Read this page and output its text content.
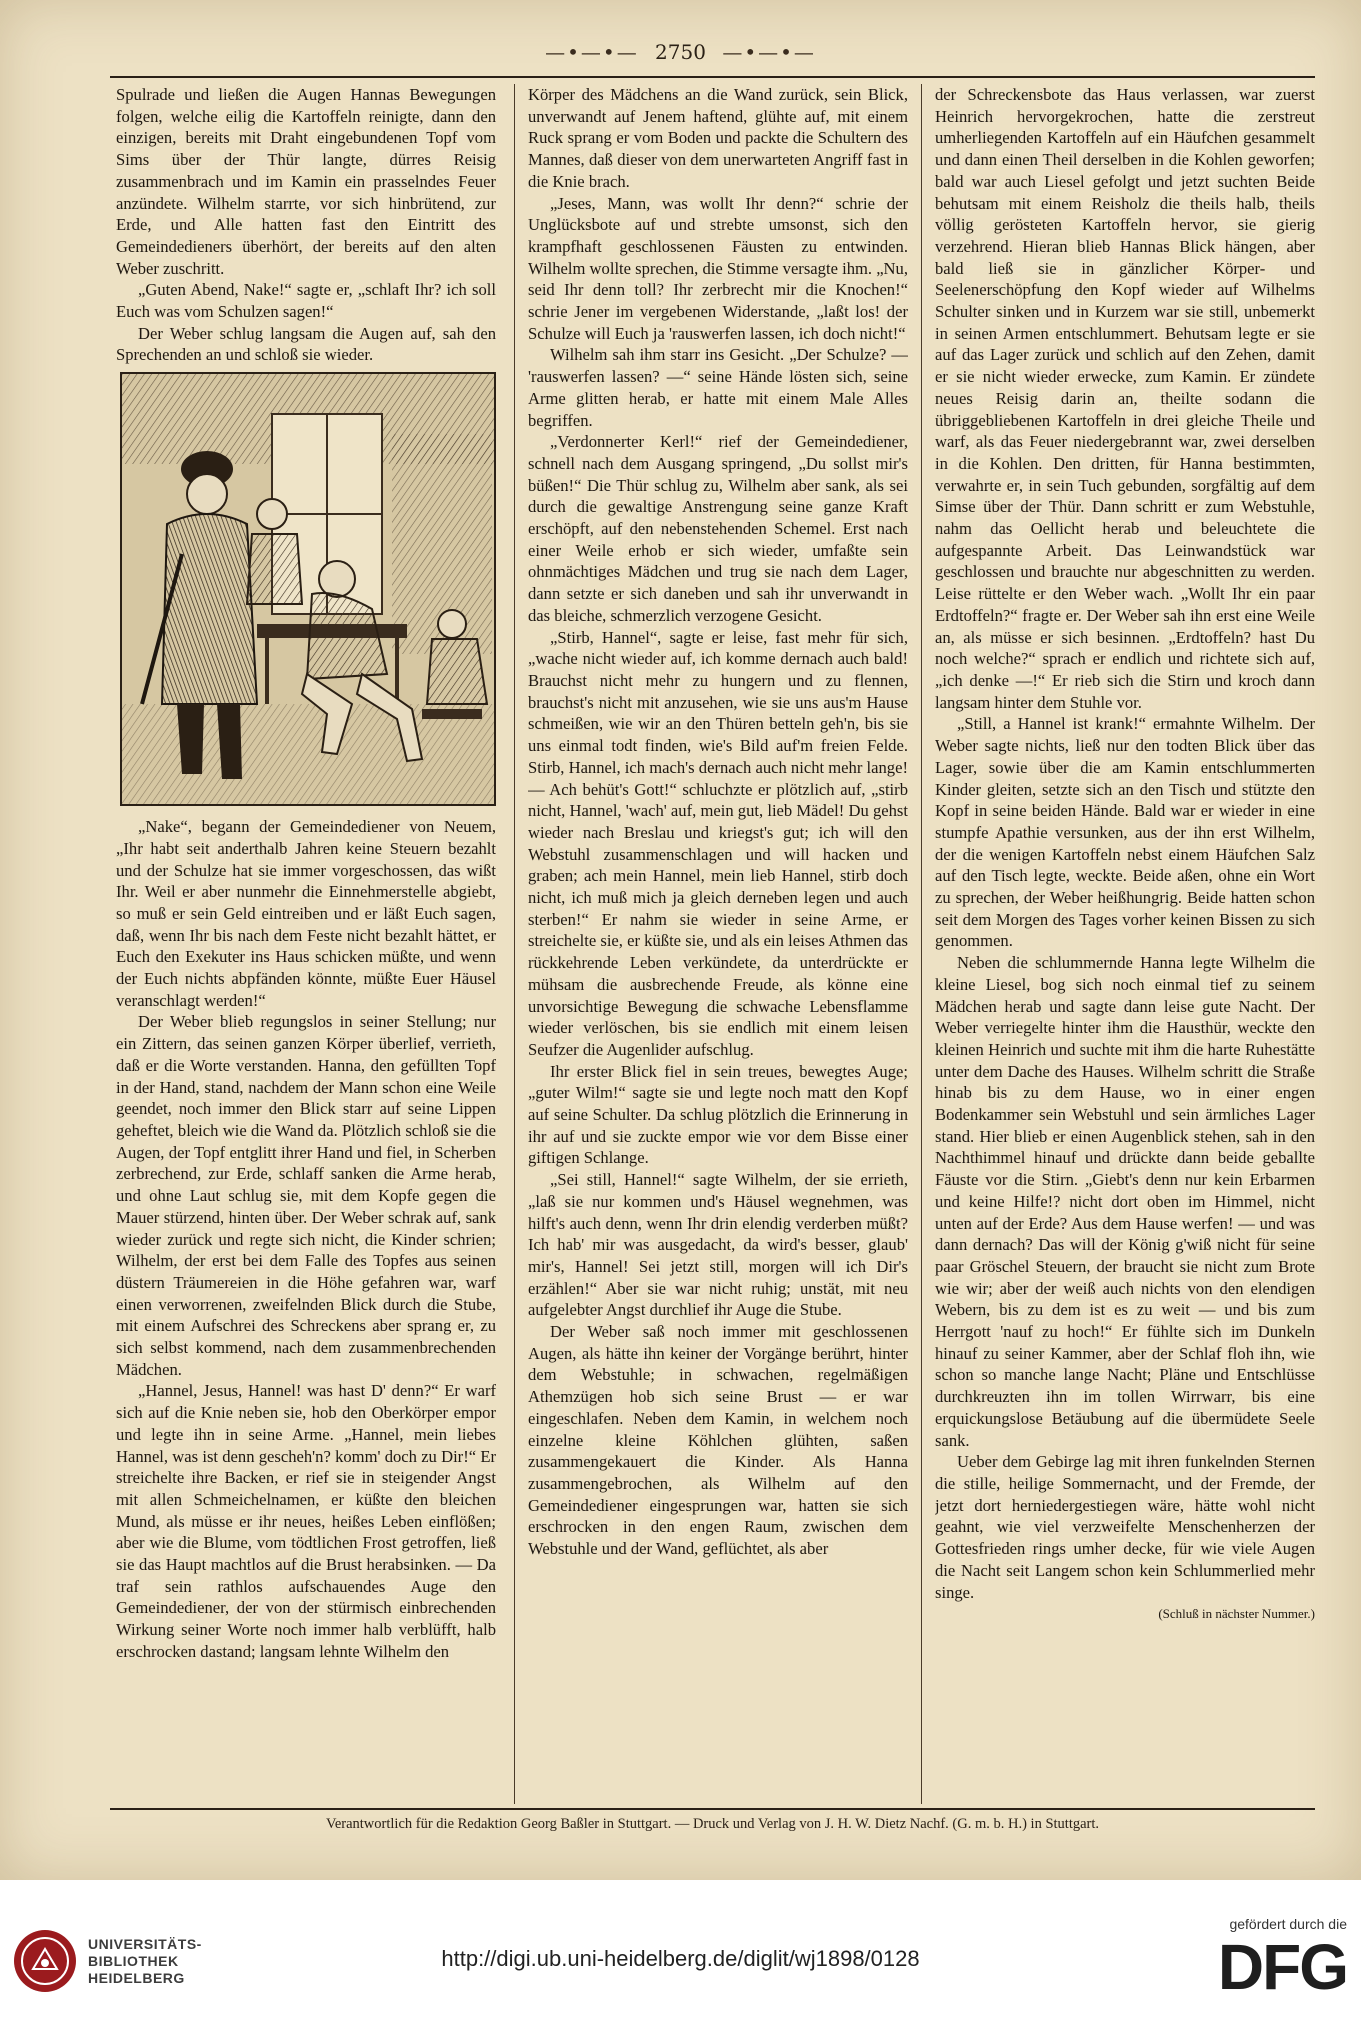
—•—•— 2750 —•—•—

Spulrade und ließen die Augen Hannas Bewegungen folgen, welche eilig die Kartoffeln reinigte, dann den einzigen, bereits mit Draht eingebundenen Topf vom Sims über der Thür langte, dürres Reisig zusammenbrach und im Kamin ein prasselndes Feuer anzündete. Wilhelm starrte, vor sich hinbrütend, zur Erde, und Alle hatten fast den Eintritt des Gemeindedieners überhört, der bereits auf den alten Weber zuschritt.

„Guten Abend, Nake!“ sagte er, „schlaft Ihr? ich soll Euch was vom Schulzen sagen!“

Der Weber schlug langsam die Augen auf, sah den Sprechenden an und schloß sie wieder.

„Nake“, begann der Gemeindediener von Neuem, „Ihr habt seit anderthalb Jahren keine Steuern bezahlt und der Schulze hat sie immer vorgeschossen, das wißt Ihr. Weil er aber nunmehr die Einnehmerstelle abgiebt, so muß er sein Geld eintreiben und er läßt Euch sagen, daß, wenn Ihr bis nach dem Feste nicht bezahlt hättet, er Euch den Exekuter ins Haus schicken müßte, und wenn der Euch nichts abpfänden könnte, müßte Euer Häusel veranschlagt werden!“

Der Weber blieb regungslos in seiner Stellung; nur ein Zittern, das seinen ganzen Körper überlief, verrieth, daß er die Worte verstanden. Hanna, den gefüllten Topf in der Hand, stand, nachdem der Mann schon eine Weile geendet, noch immer den Blick starr auf seine Lippen geheftet, bleich wie die Wand da. Plötzlich schloß sie die Augen, der Topf entglitt ihrer Hand und fiel, in Scherben zerbrechend, zur Erde, schlaff sanken die Arme herab, und ohne Laut schlug sie, mit dem Kopfe gegen die Mauer stürzend, hinten über. Der Weber schrak auf, sank wieder zurück und regte sich nicht, die Kinder schrien; Wilhelm, der erst bei dem Falle des Topfes aus seinen düstern Träumereien in die Höhe gefahren war, warf einen verworrenen, zweifelnden Blick durch die Stube, mit einem Aufschrei des Schreckens aber sprang er, zu sich selbst kommend, nach dem zusammenbrechenden Mädchen.

„Hannel, Jesus, Hannel! was hast D' denn?“ Er warf sich auf die Knie neben sie, hob den Oberkörper empor und legte ihn in seine Arme. „Hannel, mein liebes Hannel, was ist denn gescheh'n? komm' doch zu Dir!“ Er streichelte ihre Backen, er rief sie in steigender Angst mit allen Schmeichelnamen, er küßte den bleichen Mund, als müsse er ihr neues, heißes Leben einflößen; aber wie die Blume, vom tödtlichen Frost getroffen, ließ sie das Haupt machtlos auf die Brust herabsinken. — Da traf sein rathlos aufschauendes Auge den Gemeindediener, der von der stürmisch einbrechenden Wirkung seiner Worte noch immer halb verblüfft, halb erschrocken dastand; langsam lehnte Wilhelm den

Körper des Mädchens an die Wand zurück, sein Blick, unverwandt auf Jenem haftend, glühte auf, mit einem Ruck sprang er vom Boden und packte die Schultern des Mannes, daß dieser von dem unerwarteten Angriff fast in die Knie brach.

„Jeses, Mann, was wollt Ihr denn?“ schrie der Unglücksbote auf und strebte umsonst, sich den krampfhaft geschlossenen Fäusten zu entwinden. Wilhelm wollte sprechen, die Stimme versagte ihm. „Nu, seid Ihr denn toll? Ihr zerbrecht mir die Knochen!“ schrie Jener im vergebenen Widerstande, „laßt los! der Schulze will Euch ja 'rauswerfen lassen, ich doch nicht!“

Wilhelm sah ihm starr ins Gesicht. „Der Schulze? — 'rauswerfen lassen? —“ seine Hände lösten sich, seine Arme glitten herab, er hatte mit einem Male Alles begriffen.

„Verdonnerter Kerl!“ rief der Gemeindediener, schnell nach dem Ausgang springend, „Du sollst mir's büßen!“ Die Thür schlug zu, Wilhelm aber sank, als sei durch die gewaltige Anstrengung seine ganze Kraft erschöpft, auf den nebenstehenden Schemel. Erst nach einer Weile erhob er sich wieder, umfaßte sein ohnmächtiges Mädchen und trug sie nach dem Lager, dann setzte er sich daneben und sah ihr unverwandt in das bleiche, schmerzlich verzogene Gesicht.

„Stirb, Hannel“, sagte er leise, fast mehr für sich, „wache nicht wieder auf, ich komme dernach auch bald! Brauchst nicht mehr zu hungern und zu flennen, brauchst's nicht mit anzusehen, wie sie uns aus'm Hause schmeißen, wie wir an den Thüren betteln geh'n, bis sie uns einmal todt finden, wie's Bild auf'm freien Felde. Stirb, Hannel, ich mach's dernach auch nicht mehr lange! — Ach behüt's Gott!“ schluchzte er plötzlich auf, „stirb nicht, Hannel, 'wach' auf, mein gut, lieb Mädel! Du gehst wieder nach Breslau und kriegst's gut; ich will den Webstuhl zusammenschlagen und will hacken und graben; ach mein Hannel, mein lieb Hannel, stirb doch nicht, ich muß mich ja gleich derneben legen und auch sterben!“ Er nahm sie wieder in seine Arme, er streichelte sie, er küßte sie, und als ein leises Athmen das rückkehrende Leben verkündete, da unterdrückte er mühsam die ausbrechende Freude, als könne eine unvorsichtige Bewegung die schwache Lebensflamme wieder verlöschen, bis sie endlich mit einem leisen Seufzer die Augenlider aufschlug.

Ihr erster Blick fiel in sein treues, bewegtes Auge; „guter Wilm!“ sagte sie und legte noch matt den Kopf auf seine Schulter. Da schlug plötzlich die Erinnerung in ihr auf und sie zuckte empor wie vor dem Bisse einer giftigen Schlange.

„Sei still, Hannel!“ sagte Wilhelm, der sie errieth, „laß sie nur kommen und's Häusel wegnehmen, was hilft's auch denn, wenn Ihr drin elendig verderben müßt? Ich hab' mir was ausgedacht, da wird's besser, glaub' mir's, Hannel! Sei jetzt still, morgen will ich Dir's erzählen!“ Aber sie war nicht ruhig; unstät, mit neu aufgelebter Angst durchlief ihr Auge die Stube.

Der Weber saß noch immer mit geschlossenen Augen, als hätte ihn keiner der Vorgänge berührt, hinter dem Webstuhle; in schwachen, regelmäßigen Athemzügen hob sich seine Brust — er war eingeschlafen. Neben dem Kamin, in welchem noch einzelne kleine Köhlchen glühten, saßen zusammengekauert die Kinder. Als Hanna zusammengebrochen, als Wilhelm auf den Gemeindediener eingesprungen war, hatten sie sich erschrocken in den engen Raum, zwischen dem Webstuhle und der Wand, geflüchtet, als aber

der Schreckensbote das Haus verlassen, war zuerst Heinrich hervorgekrochen, hatte die zerstreut umherliegenden Kartoffeln auf ein Häufchen gesammelt und dann einen Theil derselben in die Kohlen geworfen; bald war auch Liesel gefolgt und jetzt suchten Beide behutsam mit einem Reisholz die theils halb, theils völlig gerösteten Kartoffeln hervor, sie gierig verzehrend. Hieran blieb Hannas Blick hängen, aber bald ließ sie in gänzlicher Körper- und Seelenerschöpfung den Kopf wieder auf Wilhelms Schulter sinken und in Kurzem war sie still, unbemerkt in seinen Armen entschlummert. Behutsam legte er sie auf das Lager zurück und schlich auf den Zehen, damit er sie nicht wieder erwecke, zum Kamin. Er zündete neues Reisig darin an, theilte sodann die übriggebliebenen Kartoffeln in drei gleiche Theile und warf, als das Feuer niedergebrannt war, zwei derselben in die Kohlen. Den dritten, für Hanna bestimmten, verwahrte er, in sein Tuch gebunden, sorgfältig auf dem Simse über der Thür. Dann schritt er zum Webstuhle, nahm das Oellicht herab und beleuchtete die aufgespannte Arbeit. Das Leinwandstück war geschlossen und brauchte nur abgeschnitten zu werden. Leise rüttelte er den Weber wach. „Wollt Ihr ein paar Erdtoffeln?“ fragte er. Der Weber sah ihn erst eine Weile an, als müsse er sich besinnen. „Erdtoffeln? hast Du noch welche?“ sprach er endlich und richtete sich auf, „ich denke —!“ Er rieb sich die Stirn und kroch dann langsam hinter dem Stuhle vor.

„Still, a Hannel ist krank!“ ermahnte Wilhelm. Der Weber sagte nichts, ließ nur den todten Blick über das Lager, sowie über die am Kamin entschlummerten Kinder gleiten, setzte sich an den Tisch und stützte den Kopf in seine beiden Hände. Bald war er wieder in eine stumpfe Apathie versunken, aus der ihn erst Wilhelm, der die wenigen Kartoffeln nebst einem Häufchen Salz auf den Tisch legte, weckte. Beide aßen, ohne ein Wort zu sprechen, der Weber heißhungrig. Beide hatten schon seit dem Morgen des Tages vorher keinen Bissen zu sich genommen.

Neben die schlummernde Hanna legte Wilhelm die kleine Liesel, bog sich noch einmal tief zu seinem Mädchen herab und sagte dann leise gute Nacht. Der Weber verriegelte hinter ihm die Hausthür, weckte den kleinen Heinrich und suchte mit ihm die harte Ruhestätte unter dem Dache des Hauses. Wilhelm schritt die Straße hinab bis zu dem Hause, wo in einer engen Bodenkammer sein Webstuhl und sein ärmliches Lager stand. Hier blieb er einen Augenblick stehen, sah in den Nachthimmel hinauf und drückte dann beide geballte Fäuste vor die Stirn. „Giebt's denn nur kein Erbarmen und keine Hilfe!? nicht dort oben im Himmel, nicht unten auf der Erde? Aus dem Hause werfen! — und was dann dernach? Das will der König g'wiß nicht für seine paar Gröschel Steuern, der braucht sie nicht zum Brote wie wir; aber der weiß auch nichts von den elendigen Webern, bis zu dem ist es zu weit — und bis zum Herrgott 'nauf zu hoch!“ Er fühlte sich im Dunkeln hinauf zu seiner Kammer, aber der Schlaf floh ihn, wie schon so manche lange Nacht; Pläne und Entschlüsse durchkreuzten ihn im tollen Wirrwarr, bis eine erquickungslose Betäubung auf die übermüdete Seele sank.

Ueber dem Gebirge lag mit ihren funkelnden Sternen die stille, heilige Sommernacht, und der Fremde, der jetzt dort herniedergestiegen wäre, hätte wohl nicht geahnt, wie viel verzweifelte Menschenherzen der Gottesfrieden rings umher decke, für wie viele Augen die Nacht seit Langem schon kein Schlummerlied mehr singe.

(Schluß in nächster Nummer.)
Verantwortlich für die Redaktion Georg Baßler in Stuttgart. — Druck und Verlag von J. H. W. Dietz Nachf. (G. m. b. H.) in Stuttgart.
UNIVERSITÄTS-
BIBLIOTHEK
HEIDELBERG
http://digi.ub.uni-heidelberg.de/diglit/wj1898/0128
gefördert durch die
DFG
